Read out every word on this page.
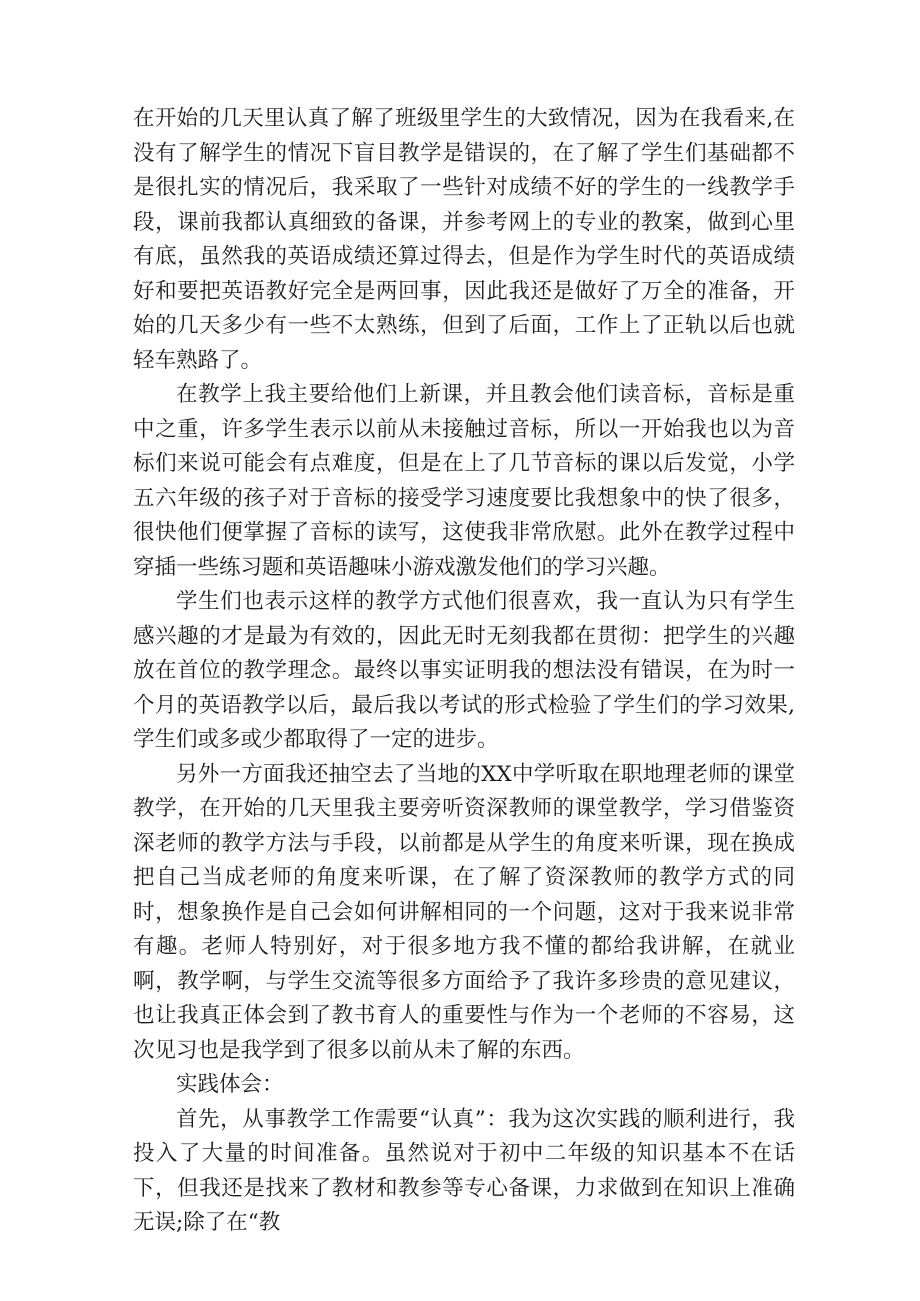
在开始的几天里认真了解了班级里学生的大致情况，因为在我看来,在没有了解学生的情况下盲目教学是错误的，在了解了学生们基础都不是很扎实的情况后，我采取了一些针对成绩不好的学生的一线教学手段，课前我都认真细致的备课，并参考网上的专业的教案，做到心里有底，虽然我的英语成绩还算过得去，但是作为学生时代的英语成绩好和要把英语教好完全是两回事，因此我还是做好了万全的准备，开始的几天多少有一些不太熟练，但到了后面，工作上了正轨以后也就轻车熟路了。

在教学上我主要给他们上新课，并且教会他们读音标，音标是重中之重，许多学生表示以前从未接触过音标，所以一开始我也以为音标们来说可能会有点难度，但是在上了几节音标的课以后发觉，小学五六年级的孩子对于音标的接受学习速度要比我想象中的快了很多，很快他们便掌握了音标的读写，这使我非常欣慰。此外在教学过程中穿插一些练习题和英语趣味小游戏激发他们的学习兴趣。

学生们也表示这样的教学方式他们很喜欢，我一直认为只有学生感兴趣的才是最为有效的，因此无时无刻我都在贯彻：把学生的兴趣放在首位的教学理念。最终以事实证明我的想法没有错误，在为时一个月的英语教学以后，最后我以考试的形式检验了学生们的学习效果,学生们或多或少都取得了一定的进步。

另外一方面我还抽空去了当地的XX中学听取在职地理老师的课堂教学，在开始的几天里我主要旁听资深教师的课堂教学，学习借鉴资深老师的教学方法与手段，以前都是从学生的角度来听课，现在换成把自己当成老师的角度来听课，在了解了资深教师的教学方式的同时，想象换作是自己会如何讲解相同的一个问题，这对于我来说非常有趣。老师人特别好，对于很多地方我不懂的都给我讲解，在就业啊，教学啊，与学生交流等很多方面给予了我许多珍贵的意见建议，也让我真正体会到了教书育人的重要性与作为一个老师的不容易，这次见习也是我学到了很多以前从未了解的东西。

实践体会：

首先，从事教学工作需要“认真”：我为这次实践的顺利进行，我投入了大量的时间准备。虽然说对于初中二年级的知识基本不在话下，但我还是找来了教材和教参等专心备课，力求做到在知识上准确无误;除了在“教
